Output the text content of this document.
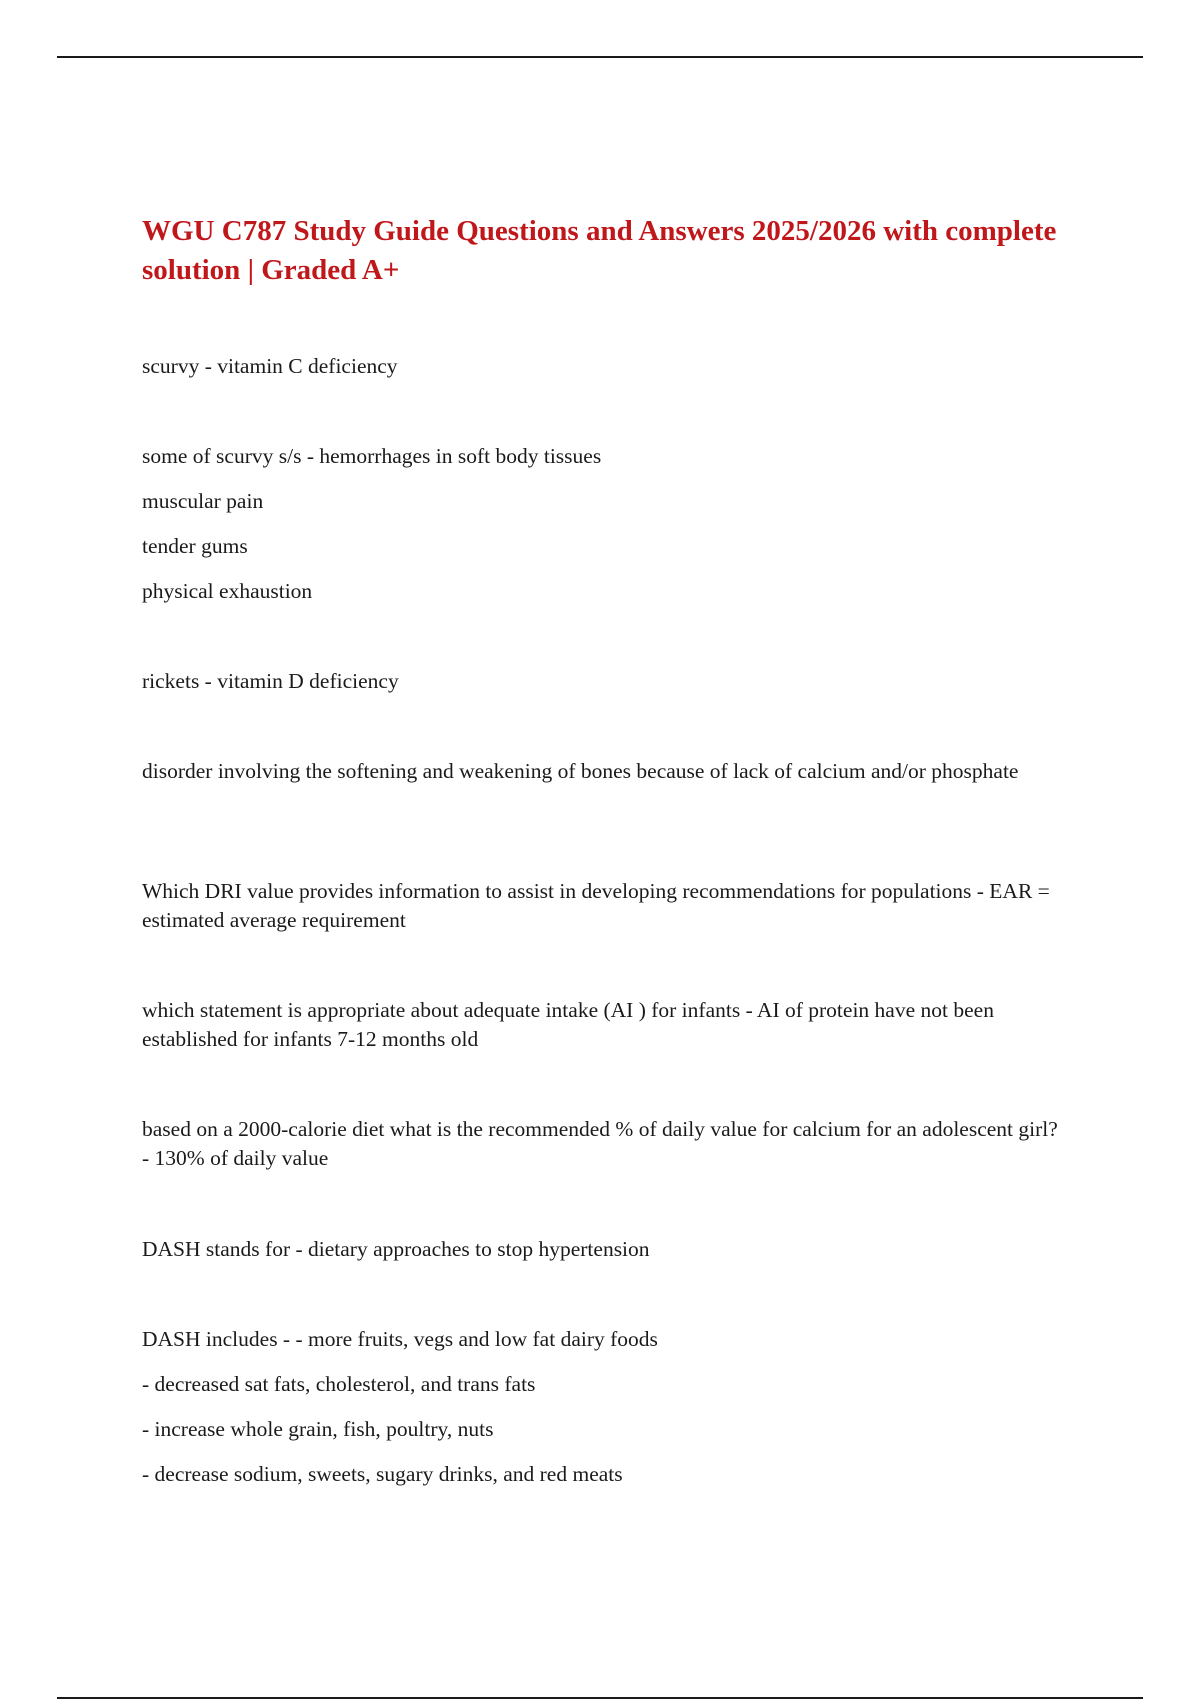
WGU C787 Study Guide Questions and Answers 2025/2026 with complete solution | Graded A+

scurvy - vitamin C deficiency

some of scurvy s/s - hemorrhages in soft body tissues

muscular pain

tender gums

physical exhaustion

rickets - vitamin D deficiency

disorder involving the softening and weakening of bones because of lack of calcium and/or phosphate

Which DRI value provides information to assist in developing recommendations for populations - EAR = estimated average requirement

which statement is appropriate about adequate intake (AI ) for infants - AI of protein have not been established for infants 7-12 months old

based on a 2000-calorie diet what is the recommended % of daily value for calcium for an adolescent girl? - 130% of daily value

DASH stands for - dietary approaches to stop hypertension

DASH includes - - more fruits, vegs and low fat dairy foods

- decreased sat fats, cholesterol, and trans fats

- increase whole grain, fish, poultry, nuts

- decrease sodium, sweets, sugary drinks, and red meats
